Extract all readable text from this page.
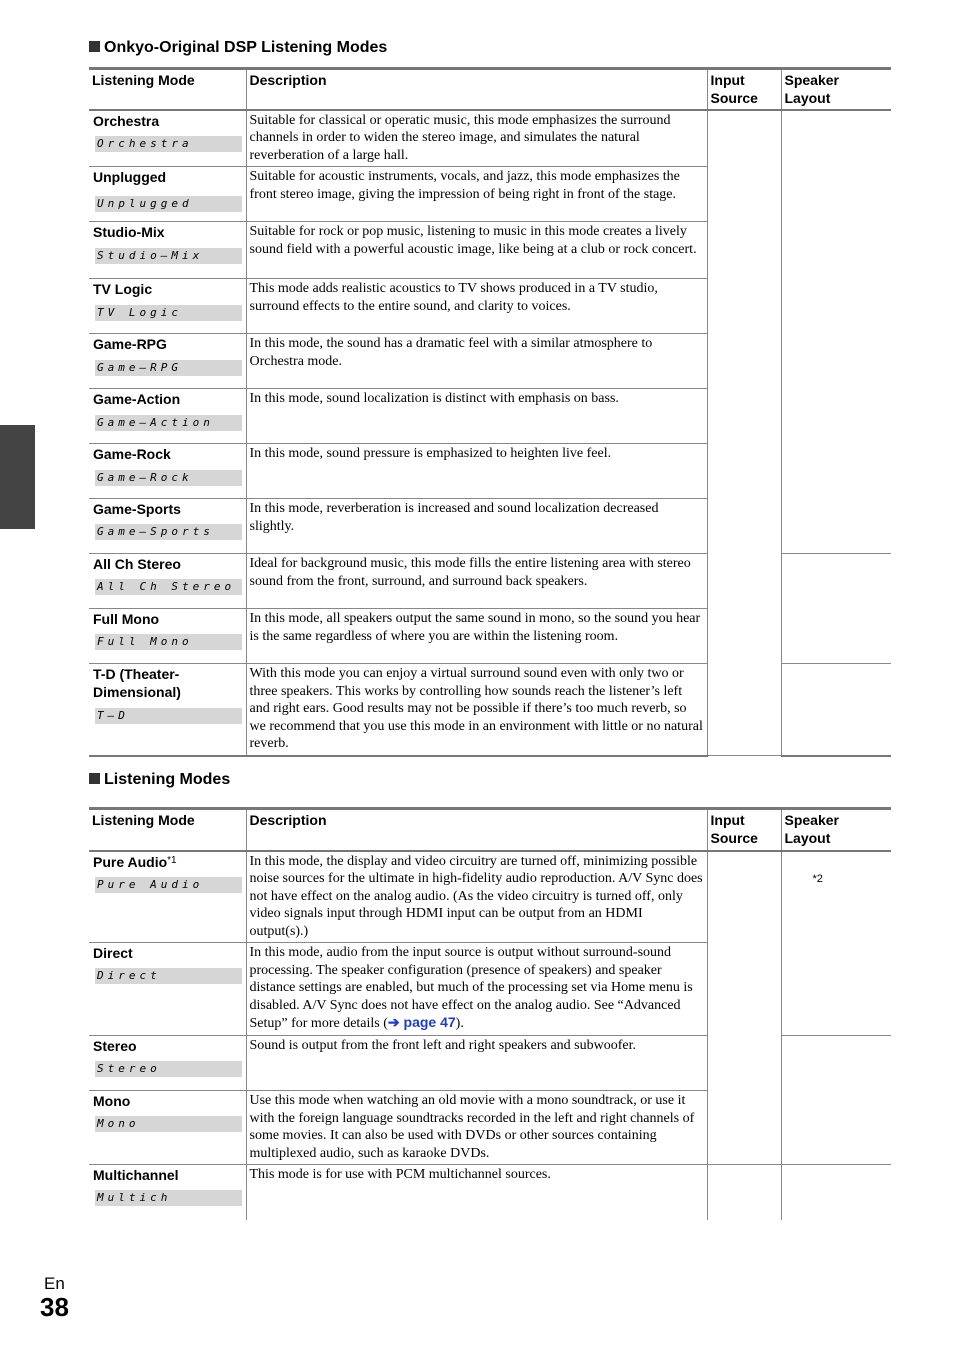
Onkyo-Original DSP Listening Modes
Listening Mode	Description	Input Source	Speaker Layout

Orchestra
Orchestra	Suitable for classical or operatic music, this mode emphasizes the surround channels in order to widen the stereo image, and simulates the natural reverberation of a large hall.		

Unplugged
Unplugged	Suitable for acoustic instruments, vocals, and jazz, this mode emphasizes the front stereo image, giving the impression of being right in front of the stage.		

Studio-Mix
Studio–Mix	Suitable for rock or pop music, listening to music in this mode creates a lively sound field with a powerful acoustic image, like being at a club or rock concert.		

TV Logic
TV Logic	This mode adds realistic acoustics to TV shows produced in a TV studio, surround effects to the entire sound, and clarity to voices.		

Game-RPG
Game–RPG	In this mode, the sound has a dramatic feel with a similar atmosphere to Orchestra mode.		

Game-Action
Game–Action	In this mode, sound localization is distinct with emphasis on bass.		

Game-Rock
Game–Rock	In this mode, sound pressure is emphasized to heighten live feel.		

Game-Sports
Game–Sports	In this mode, reverberation is increased and sound localization decreased slightly.		

All Ch Stereo
All Ch Stereo	Ideal for background music, this mode fills the entire listening area with stereo sound from the front, surround, and surround back speakers.		

Full Mono
Full Mono	In this mode, all speakers output the same sound in mono, so the sound you hear is the same regardless of where you are within the listening room.		

T-D (Theater-Dimensional)
T–D	With this mode you can enjoy a virtual surround sound even with only two or three speakers. This works by controlling how sounds reach the listener’s left and right ears. Good results may not be possible if there’s too much reverb, so we recommend that you use this mode in an environment with little or no natural reverb.		

Listening Modes
Listening Mode	Description	Input Source	Speaker Layout

Pure Audio$^{*1}$
Pure Audio	In this mode, the display and video circuitry are turned off, minimizing possible noise sources for the ultimate in high-fidelity audio reproduction. A/V Sync does not have effect on the analog audio. (As the video circuitry is turned off, only video signals input through HDMI input can be output from an HDMI output(s).)		*2

Direct
Direct	In this mode, audio from the input source is output without surround-sound processing. The speaker configuration (presence of speakers) and speaker distance settings are enabled, but much of the processing set via Home menu is disabled. A/V Sync does not have effect on the analog audio. See “Advanced Setup” for more details (➔ page 47).		

Stereo
Stereo	Sound is output from the front left and right speakers and subwoofer.		

Mono
Mono	Use this mode when watching an old movie with a mono soundtrack, or use it with the foreign language soundtracks recorded in the left and right channels of some movies. It can also be used with DVDs or other sources containing multiplexed audio, such as karaoke DVDs.		

Multichannel
Multich	This mode is for use with PCM multichannel sources.		

En
38
